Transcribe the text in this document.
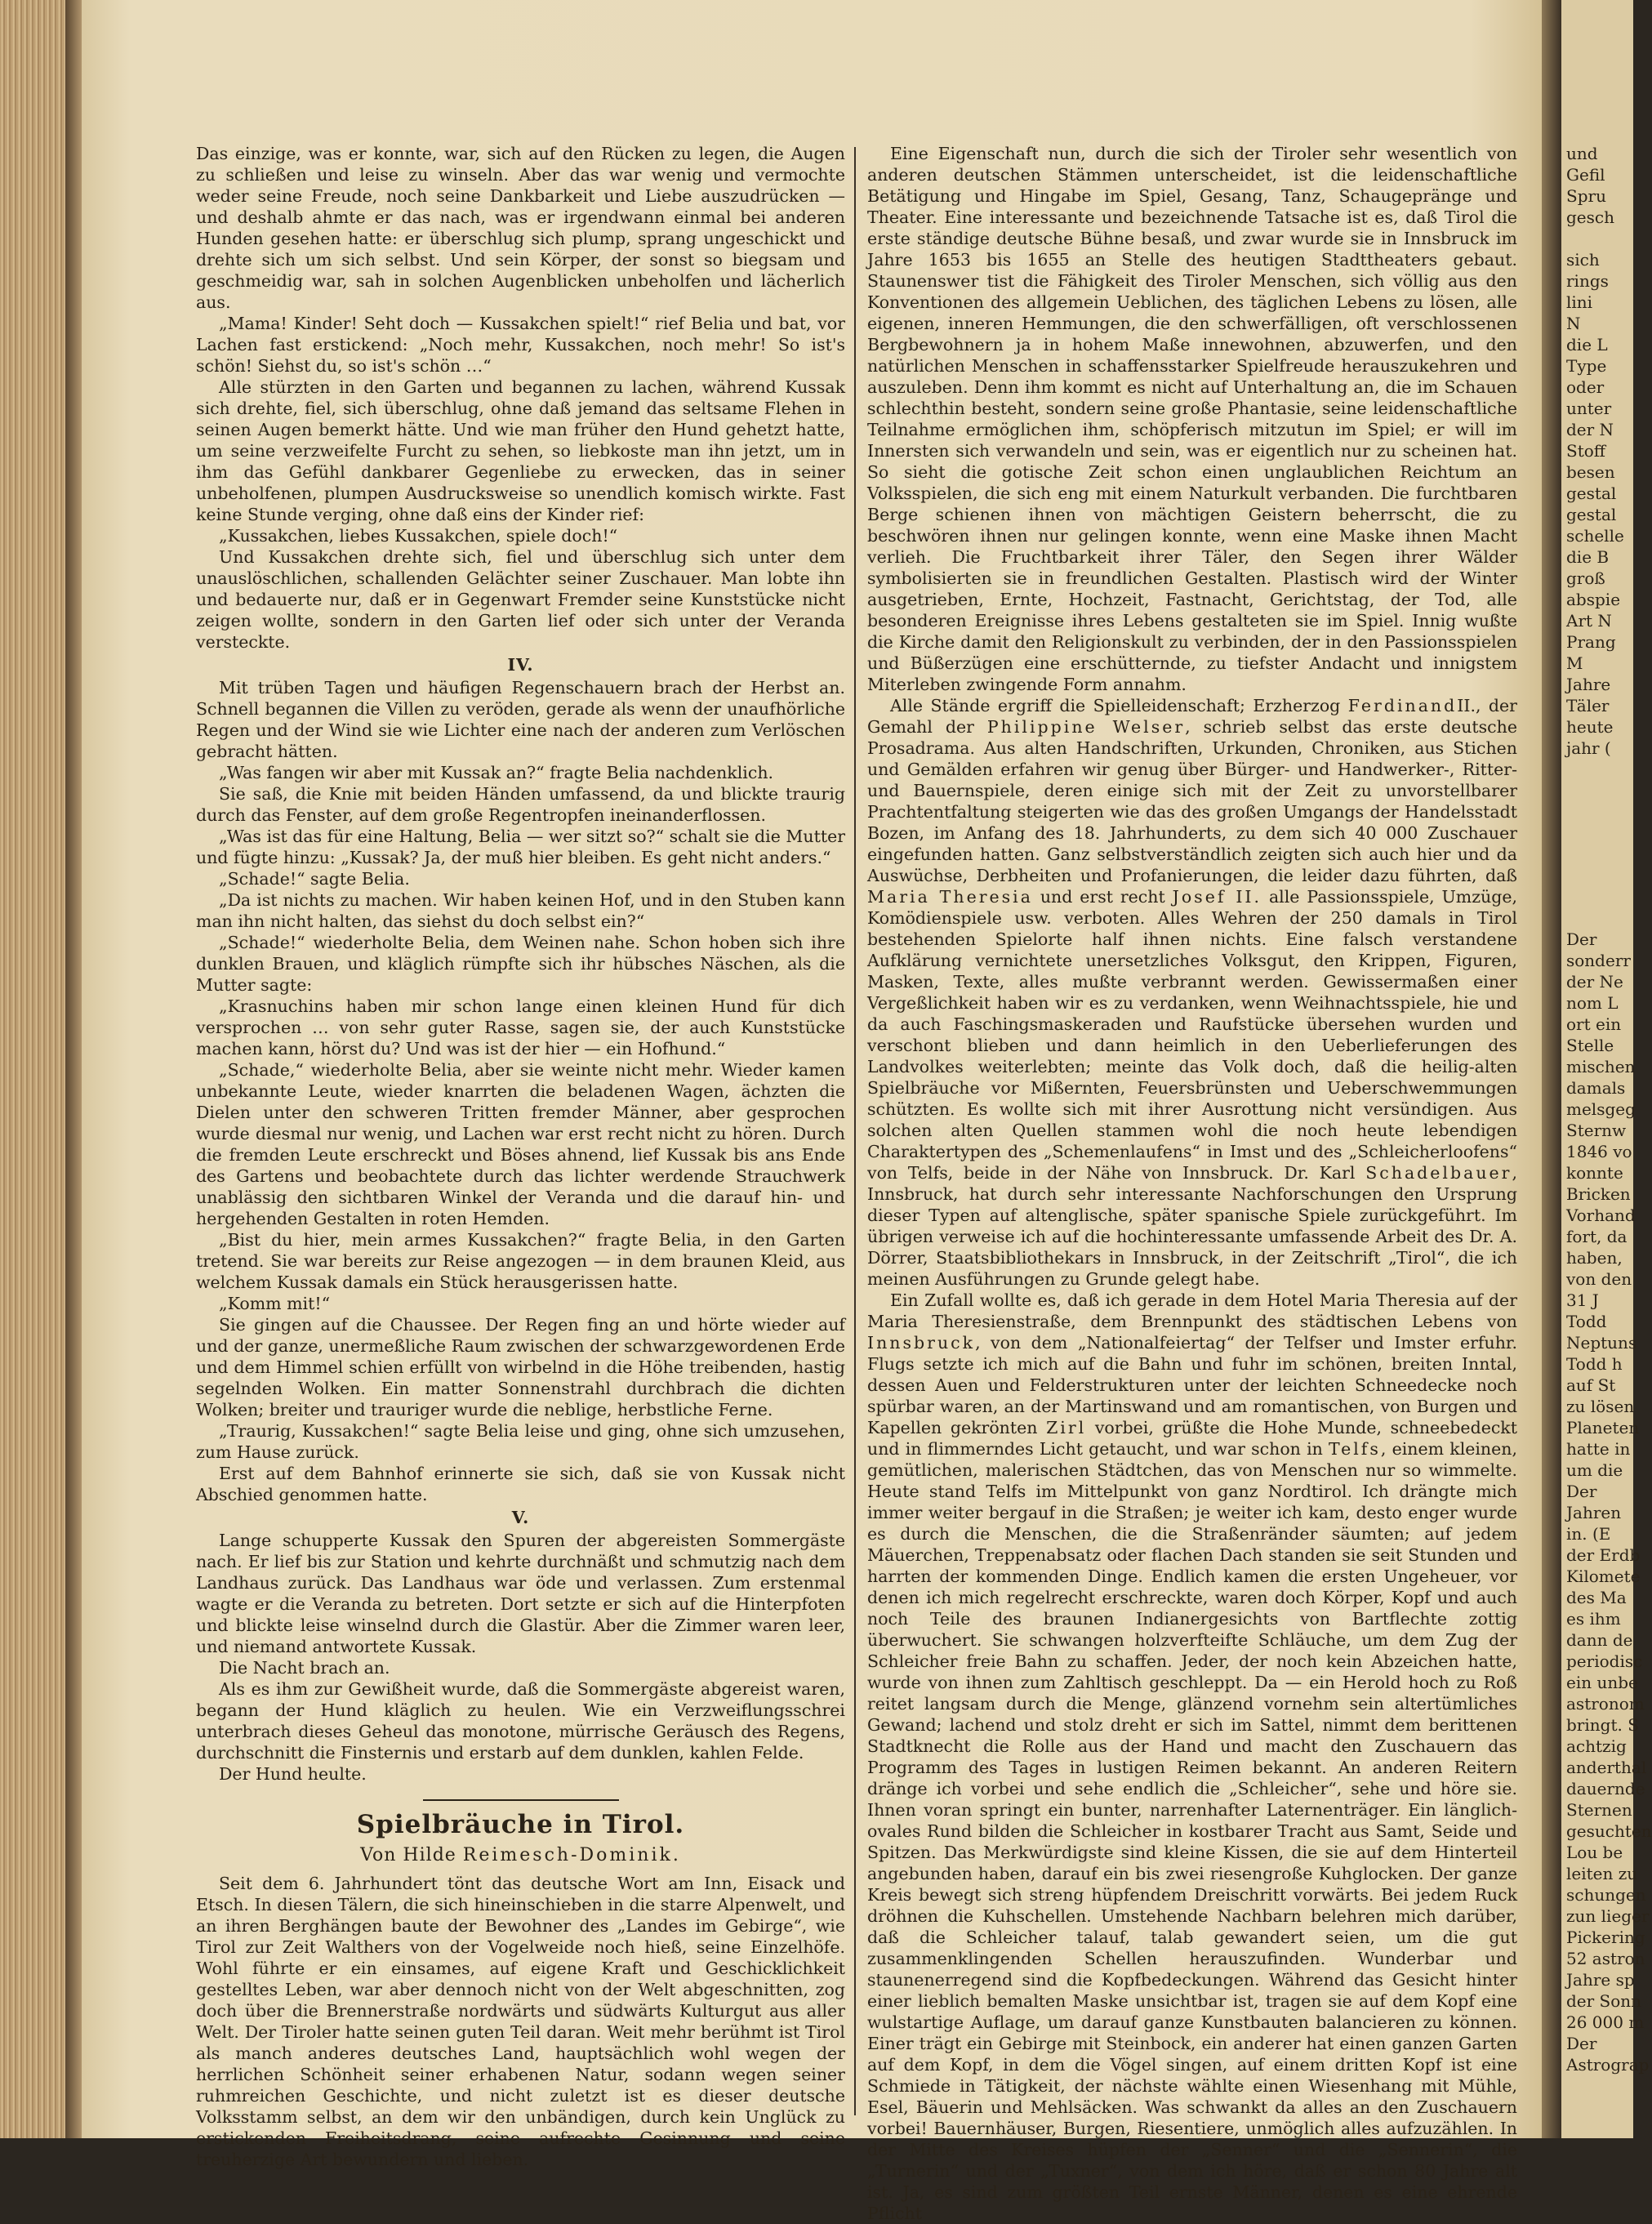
Das einzige, was er konnte, war, sich auf den Rücken zu legen, die Augen zu schließen und leise zu winseln. Aber das war wenig und vermochte weder seine Freude, noch seine Dankbarkeit und Liebe auszudrücken — und deshalb ahmte er das nach, was er irgendwann einmal bei anderen Hunden gesehen hatte: er überschlug sich plump, sprang ungeschickt und drehte sich um sich selbst. Und sein Körper, der sonst so biegsam und geschmeidig war, sah in solchen Augenblicken unbeholfen und lächerlich aus.

„Mama! Kinder! Seht doch — Kussakchen spielt!“ rief Belia und bat, vor Lachen fast erstickend: „Noch mehr, Kussakchen, noch mehr! So ist's schön! Siehst du, so ist's schön …“

Alle stürzten in den Garten und begannen zu lachen, während Kussak sich drehte, fiel, sich überschlug, ohne daß jemand das seltsame Flehen in seinen Augen bemerkt hätte. Und wie man früher den Hund gehetzt hatte, um seine verzweifelte Furcht zu sehen, so liebkoste man ihn jetzt, um in ihm das Gefühl dankbarer Gegenliebe zu erwecken, das in seiner unbeholfenen, plumpen Ausdrucksweise so unendlich komisch wirkte. Fast keine Stunde verging, ohne daß eins der Kinder rief:

„Kussakchen, liebes Kussakchen, spiele doch!“

Und Kussakchen drehte sich, fiel und überschlug sich unter dem unauslöschlichen, schallenden Gelächter seiner Zuschauer. Man lobte ihn und bedauerte nur, daß er in Gegenwart Fremder seine Kunststücke nicht zeigen wollte, sondern in den Garten lief oder sich unter der Veranda versteckte.

IV.

Mit trüben Tagen und häufigen Regenschauern brach der Herbst an. Schnell begannen die Villen zu veröden, gerade als wenn der unaufhörliche Regen und der Wind sie wie Lichter eine nach der anderen zum Verlöschen gebracht hätten.

„Was fangen wir aber mit Kussak an?“ fragte Belia nachdenklich.

Sie saß, die Knie mit beiden Händen umfassend, da und blickte traurig durch das Fenster, auf dem große Regentropfen ineinanderflossen.

„Was ist das für eine Haltung, Belia — wer sitzt so?“ schalt sie die Mutter und fügte hinzu: „Kussak? Ja, der muß hier bleiben. Es geht nicht anders.“

„Schade!“ sagte Belia.

„Da ist nichts zu machen. Wir haben keinen Hof, und in den Stuben kann man ihn nicht halten, das siehst du doch selbst ein?“

„Schade!“ wiederholte Belia, dem Weinen nahe. Schon hoben sich ihre dunklen Brauen, und kläglich rümpfte sich ihr hübsches Näschen, als die Mutter sagte:

„Krasnuchins haben mir schon lange einen kleinen Hund für dich versprochen … von sehr guter Rasse, sagen sie, der auch Kunststücke machen kann, hörst du? Und was ist der hier — ein Hofhund.“

„Schade,“ wiederholte Belia, aber sie weinte nicht mehr. Wieder kamen unbekannte Leute, wieder knarrten die beladenen Wagen, ächzten die Dielen unter den schweren Tritten fremder Männer, aber gesprochen wurde diesmal nur wenig, und Lachen war erst recht nicht zu hören. Durch die fremden Leute erschreckt und Böses ahnend, lief Kussak bis ans Ende des Gartens und beobachtete durch das lichter werdende Strauchwerk unablässig den sichtbaren Winkel der Veranda und die darauf hin- und hergehenden Gestalten in roten Hemden.

„Bist du hier, mein armes Kussakchen?“ fragte Belia, in den Garten tretend. Sie war bereits zur Reise angezogen — in dem braunen Kleid, aus welchem Kussak damals ein Stück herausgerissen hatte.

„Komm mit!“

Sie gingen auf die Chaussee. Der Regen fing an und hörte wieder auf und der ganze, unermeßliche Raum zwischen der schwarzgewordenen Erde und dem Himmel schien erfüllt von wirbelnd in die Höhe treibenden, hastig segelnden Wolken. Ein matter Sonnenstrahl durchbrach die dichten Wolken; breiter und trauriger wurde die neblige, herbstliche Ferne.

„Traurig, Kussakchen!“ sagte Belia leise und ging, ohne sich umzusehen, zum Hause zurück.

Erst auf dem Bahnhof erinnerte sie sich, daß sie von Kussak nicht Abschied genommen hatte.

V.

Lange schupperte Kussak den Spuren der abgereisten Sommergäste nach. Er lief bis zur Station und kehrte durchnäßt und schmutzig nach dem Landhaus zurück. Das Landhaus war öde und verlassen. Zum erstenmal wagte er die Veranda zu betreten. Dort setzte er sich auf die Hinterpfoten und blickte leise winselnd durch die Glastür. Aber die Zimmer waren leer, und niemand antwortete Kussak.

Die Nacht brach an.

Als es ihm zur Gewißheit wurde, daß die Sommergäste abgereist waren, begann der Hund kläglich zu heulen. Wie ein Verzweiflungsschrei unterbrach dieses Geheul das monotone, mürrische Geräusch des Regens, durchschnitt die Finsternis und erstarb auf dem dunklen, kahlen Felde.

Der Hund heulte.

Spielbräuche in Tirol.
Von Hilde Reimesch-Dominik.

Seit dem 6. Jahrhundert tönt das deutsche Wort am Inn, Eisack und Etsch. In diesen Tälern, die sich hineinschieben in die starre Alpenwelt, und an ihren Berghängen baute der Bewohner des „Landes im Gebirge“, wie Tirol zur Zeit Walthers von der Vogelweide noch hieß, seine Einzelhöfe. Wohl führte er ein einsames, auf eigene Kraft und Geschicklichkeit gestelltes Leben, war aber dennoch nicht von der Welt abgeschnitten, zog doch über die Brennerstraße nordwärts und südwärts Kulturgut aus aller Welt. Der Tiroler hatte seinen guten Teil daran. Weit mehr berühmt ist Tirol als manch anderes deutsches Land, hauptsächlich wohl wegen der herrlichen Schönheit seiner erhabenen Natur, sodann wegen seiner ruhmreichen Geschichte, und nicht zuletzt ist es dieser deutsche Volksstamm selbst, an dem wir den unbändigen, durch kein Unglück zu erstickenden Freiheitsdrang, seine aufrechte Gesinnung und seine treuherzige Art bewundern und lieben.

Eine Eigenschaft nun, durch die sich der Tiroler sehr wesentlich von anderen deutschen Stämmen unterscheidet, ist die leidenschaftliche Betätigung und Hingabe im Spiel, Gesang, Tanz, Schaugepränge und Theater. Eine interessante und bezeichnende Tatsache ist es, daß Tirol die erste ständige deutsche Bühne besaß, und zwar wurde sie in Innsbruck im Jahre 1653 bis 1655 an Stelle des heutigen Stadttheaters gebaut. Staunenswer tist die Fähigkeit des Tiroler Menschen, sich völlig aus den Konventionen des allgemein Ueblichen, des täglichen Lebens zu lösen, alle eigenen, inneren Hemmungen, die den schwerfälligen, oft verschlossenen Bergbewohnern ja in hohem Maße innewohnen, abzuwerfen, und den natürlichen Menschen in schaffensstarker Spielfreude herauszukehren und auszuleben. Denn ihm kommt es nicht auf Unterhaltung an, die im Schauen schlechthin besteht, sondern seine große Phantasie, seine leidenschaftliche Teilnahme ermöglichen ihm, schöpferisch mitzutun im Spiel; er will im Innersten sich verwandeln und sein, was er eigentlich nur zu scheinen hat. So sieht die gotische Zeit schon einen unglaublichen Reichtum an Volksspielen, die sich eng mit einem Naturkult verbanden. Die furchtbaren Berge schienen ihnen von mächtigen Geistern beherrscht, die zu beschwören ihnen nur gelingen konnte, wenn eine Maske ihnen Macht verlieh. Die Fruchtbarkeit ihrer Täler, den Segen ihrer Wälder symbolisierten sie in freundlichen Gestalten. Plastisch wird der Winter ausgetrieben, Ernte, Hochzeit, Fastnacht, Gerichtstag, der Tod, alle besonderen Ereignisse ihres Lebens gestalteten sie im Spiel. Innig wußte die Kirche damit den Religionskult zu verbinden, der in den Passionsspielen und Büßerzügen eine erschütternde, zu tiefster Andacht und innigstem Miterleben zwingende Form annahm.

Alle Stände ergriff die Spielleidenschaft; Erzherzog FerdinandII., der Gemahl der Philippine Welser, schrieb selbst das erste deutsche Prosadrama. Aus alten Handschriften, Urkunden, Chroniken, aus Stichen und Gemälden erfahren wir genug über Bürger- und Handwerker-, Ritter- und Bauernspiele, deren einige sich mit der Zeit zu unvorstellbarer Prachtentfaltung steigerten wie das des großen Umgangs der Handelsstadt Bozen, im Anfang des 18. Jahrhunderts, zu dem sich 40 000 Zuschauer eingefunden hatten. Ganz selbstverständlich zeigten sich auch hier und da Auswüchse, Derbheiten und Profanierungen, die leider dazu führten, daß Maria Theresia und erst recht Josef II. alle Passionsspiele, Umzüge, Komödienspiele usw. verboten. Alles Wehren der 250 damals in Tirol bestehenden Spielorte half ihnen nichts. Eine falsch verstandene Aufklärung vernichtete unersetzliches Volksgut, den Krippen, Figuren, Masken, Texte, alles mußte verbrannt werden. Gewissermaßen einer Vergeßlichkeit haben wir es zu verdanken, wenn Weihnachtsspiele, hie und da auch Faschingsmaskeraden und Raufstücke übersehen wurden und verschont blieben und dann heimlich in den Ueberlieferungen des Landvolkes weiterlebten; meinte das Volk doch, daß die heilig-alten Spielbräuche vor Mißernten, Feuersbrünsten und Ueberschwemmungen schützten. Es wollte sich mit ihrer Ausrottung nicht versündigen. Aus solchen alten Quellen stammen wohl die noch heute lebendigen Charaktertypen des „Schemenlaufens“ in Imst und des „Schleicherloofens“ von Telfs, beide in der Nähe von Innsbruck. Dr. Karl Schadelbauer, Innsbruck, hat durch sehr interessante Nachforschungen den Ursprung dieser Typen auf altenglische, später spanische Spiele zurückgeführt. Im übrigen verweise ich auf die hochinteressante umfassende Arbeit des Dr. A. Dörrer, Staatsbibliothekars in Innsbruck, in der Zeitschrift „Tirol“, die ich meinen Ausführungen zu Grunde gelegt habe.

Ein Zufall wollte es, daß ich gerade in dem Hotel Maria Theresia auf der Maria Theresienstraße, dem Brennpunkt des städtischen Lebens von Innsbruck, von dem „Nationalfeiertag“ der Telfser und Imster erfuhr. Flugs setzte ich mich auf die Bahn und fuhr im schönen, breiten Inntal, dessen Auen und Felderstrukturen unter der leichten Schneedecke noch spürbar waren, an der Martinswand und am romantischen, von Burgen und Kapellen gekrönten Zirl vorbei, grüßte die Hohe Munde, schneebedeckt und in flimmerndes Licht getaucht, und war schon in Telfs, einem kleinen, gemütlichen, malerischen Städtchen, das von Menschen nur so wimmelte. Heute stand Telfs im Mittelpunkt von ganz Nordtirol. Ich drängte mich immer weiter bergauf in die Straßen; je weiter ich kam, desto enger wurde es durch die Menschen, die die Straßenränder säumten; auf jedem Mäuerchen, Treppenabsatz oder flachen Dach standen sie seit Stunden und harrten der kommenden Dinge. Endlich kamen die ersten Ungeheuer, vor denen ich mich regelrecht erschreckte, waren doch Körper, Kopf und auch noch Teile des braunen Indianergesichts von Bartflechte zottig überwuchert. Sie schwangen holzverfteifte Schläuche, um dem Zug der Schleicher freie Bahn zu schaffen. Jeder, der noch kein Abzeichen hatte, wurde von ihnen zum Zahltisch geschleppt. Da — ein Herold hoch zu Roß reitet langsam durch die Menge, glänzend vornehm sein altertümliches Gewand; lachend und stolz dreht er sich im Sattel, nimmt dem berittenen Stadtknecht die Rolle aus der Hand und macht den Zuschauern das Programm des Tages in lustigen Reimen bekannt. An anderen Reitern dränge ich vorbei und sehe endlich die „Schleicher“, sehe und höre sie. Ihnen voran springt ein bunter, narrenhafter Laternenträger. Ein länglich-ovales Rund bilden die Schleicher in kostbarer Tracht aus Samt, Seide und Spitzen. Das Merkwürdigste sind kleine Kissen, die sie auf dem Hinterteil angebunden haben, darauf ein bis zwei riesengroße Kuhglocken. Der ganze Kreis bewegt sich streng hüpfendem Dreischritt vorwärts. Bei jedem Ruck dröhnen die Kuhschellen. Umstehende Nachbarn belehren mich darüber, daß die Schleicher talauf, talab gewandert seien, um die gut zusammenklingenden Schellen herauszufinden. Wunderbar und staunenerregend sind die Kopfbedeckungen. Während das Gesicht hinter einer lieblich bemalten Maske unsichtbar ist, tragen sie auf dem Kopf eine wulstartige Auflage, um darauf ganze Kunstbauten balancieren zu können. Einer trägt ein Gebirge mit Steinbock, ein anderer hat einen ganzen Garten auf dem Kopf, in dem die Vögel singen, auf einem dritten Kopf ist eine Schmiede in Tätigkeit, der nächste wählte einen Wiesenhang mit Mühle, Esel, Bäuerin und Mehlsäcken. Was schwankt da alles an den Zuschauern vorbei! Bauernhäuser, Burgen, Riesentiere, unmöglich alles aufzuzählen. In der Mitte des Kreises hüpfen der „Senner“ und die „Sennerin“, die „Turnerin“ und der „Tuxner“, von dem ich höre, daß er schon 80 Jahre alt ist. Ja, es sind zum größten Teil ernste Männer, denen es eine ehrende Pflicht

und
Gefil
Spru
gesch
sich
rings
lini
N
die L
Type
oder
unter
der N
Stoff
besen
gestal
gestal
schelle
die B
groß
abspie
Art N
Prang
M
Jahre
Täler
heute
jahr (
Der
sonderr
der Ne
nom L
ort ein
Stelle
mischen
damals
melsgeg
Sternw
1846 vo
konnte
Bricken
Vorhand
fort, da
haben,
von den
31 J
Todd
Neptuns
Todd h
auf St
zu lösen
Planeten
hatte in
um die
Der
Jahren
in. (E
der Erdb
Kilomete
des Ma
es ihm
dann de
periodisc
ein unbe
astronom
bringt. S
achtzig
anderthal
dauernde
Sternen
gesuchten
Lou be
leiten zu
schungen
zun lieger
Pickering
52 astron
Jahre sp
der Sonn
26 000 m
Der
Astrograp
